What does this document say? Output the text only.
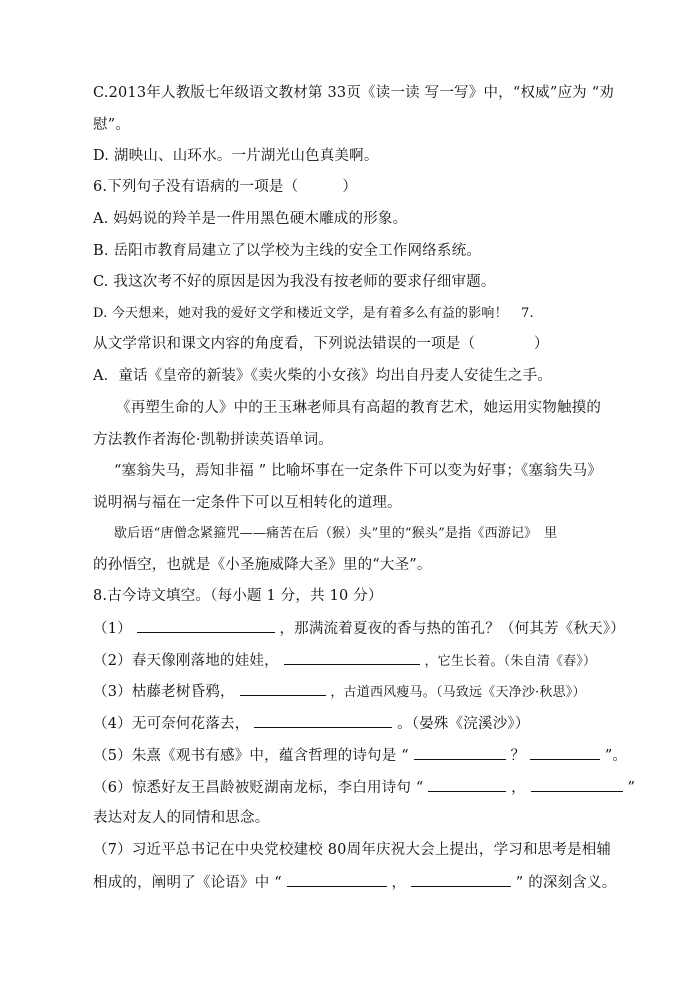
C.2013年人教版七年级语文教材第 33页《读一读 写一写》中，“权威”应为 “劝
慰”。
D. 湖映山、山环水。一片湖光山色真美啊。
6.下列句子没有语病的一项是（　　　）
A. 妈妈说的羚羊是一件用黑色硬木雕成的形象。
B. 岳阳市教育局建立了以学校为主线的安全工作网络系统。
C. 我这次考不好的原因是因为我没有按老师的要求仔细审题。
D. 今天想来，她对我的爱好文学和楼近文学，是有着多么有益的影响！　7.
从文学常识和课文内容的角度看，下列说法错误的一项是（　　　　）
A．童话《皇帝的新装》《卖火柴的小女孩》均出自丹麦人安徒生之手。
《再塑生命的人》中的王玉琳老师具有高超的教育艺术，她运用实物触摸的
方法教作者海伦·凯勒拼读英语单词。
“塞翁失马，焉知非福 ” 比喻坏事在一定条件下可以变为好事；《塞翁失马》
说明祸与福在一定条件下可以互相转化的道理。
歇后语“唐僧念紧箍咒——痛苦在后（猴）头”里的“猴头”是指《西游记》　里
的孙悟空，也就是《小圣施威降大圣》里的“大圣”。
8.古今诗文填空。（每小题 1 分，共 10 分）
（1）	，那满流着夏夜的香与热的笛孔？（何其芳《秋天》）
（2）春天像刚落地的娃娃，	，它生长着。（朱自清《春》）
（3）枯藤老树昏鸦，	，古道西风瘦马。（马致远《天净沙·秋思》）
（4）无可奈何花落去，	。（晏殊《浣溪沙》）
（5）朱熹《观书有感》中，蕴含哲理的诗句是 “	？	”。
（6）惊悉好友王昌龄被贬湖南龙标，李白用诗句 “	，	”
表达对友人的同情和思念。
（7）习近平总书记在中央党校建校 80周年庆祝大会上提出，学习和思考是相辅
相成的，阐明了《论语》中 “	，	” 的深刻含义。
